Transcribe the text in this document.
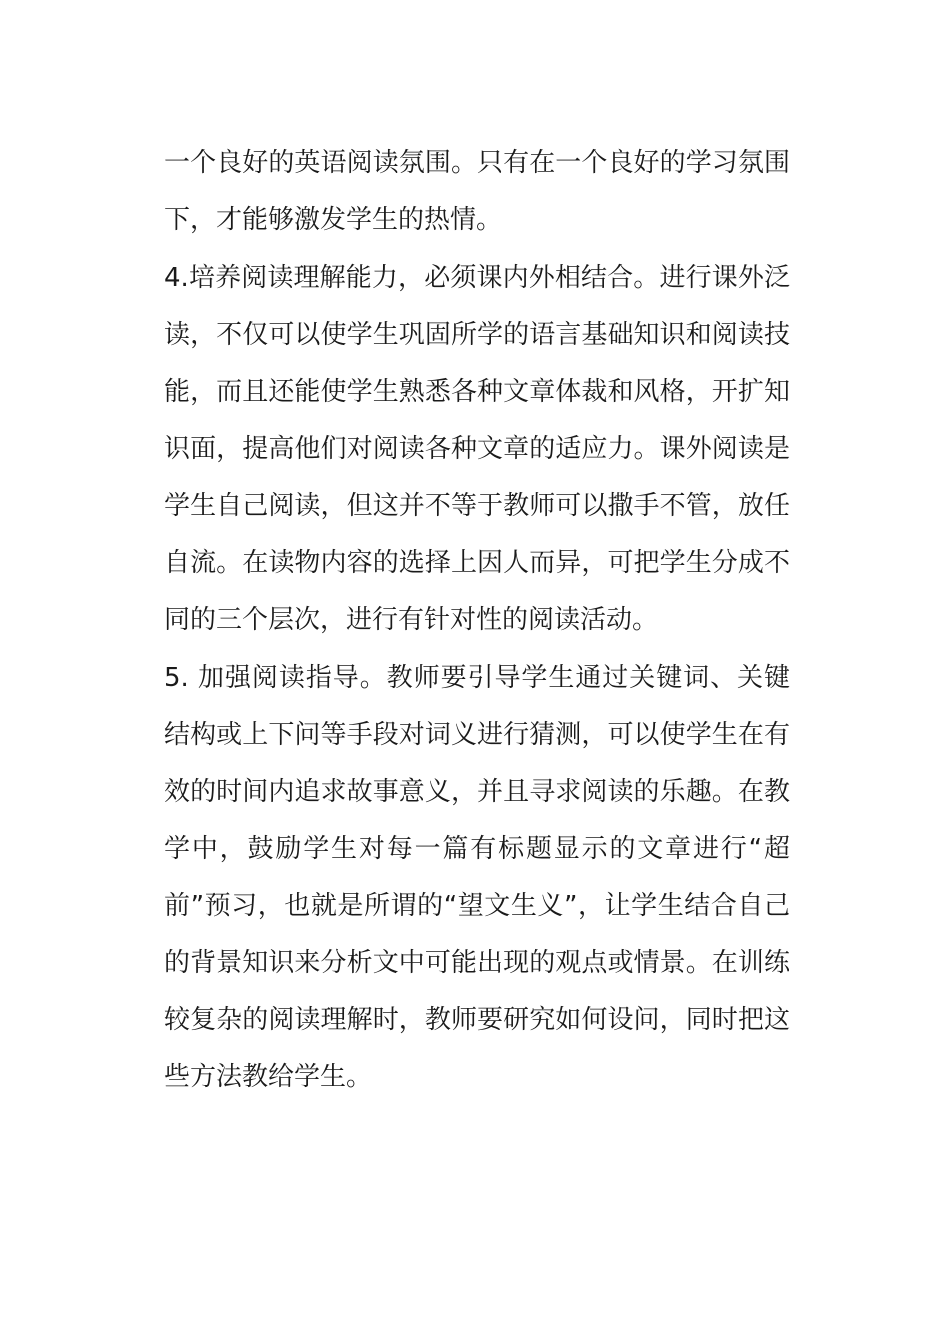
一个良好的英语阅读氛围。只有在一个良好的学习氛围下，才能够激发学生的热情。

4.培养阅读理解能力，必须课内外相结合。进行课外泛读，不仅可以使学生巩固所学的语言基础知识和阅读技能，而且还能使学生熟悉各种文章体裁和风格，开扩知识面，提高他们对阅读各种文章的适应力。课外阅读是学生自己阅读，但这并不等于教师可以撒手不管，放任自流。在读物内容的选择上因人而异，可把学生分成不同的三个层次，进行有针对性的阅读活动。

5. 加强阅读指导。教师要引导学生通过关键词、关键结构或上下问等手段对词义进行猜测，可以使学生在有效的时间内追求故事意义，并且寻求阅读的乐趣。在教学中，鼓励学生对每一篇有标题显示的文章进行“超前”预习，也就是所谓的“望文生义”，让学生结合自己的背景知识来分析文中可能出现的观点或情景。在训练较复杂的阅读理解时，教师要研究如何设问，同时把这些方法教给学生。
